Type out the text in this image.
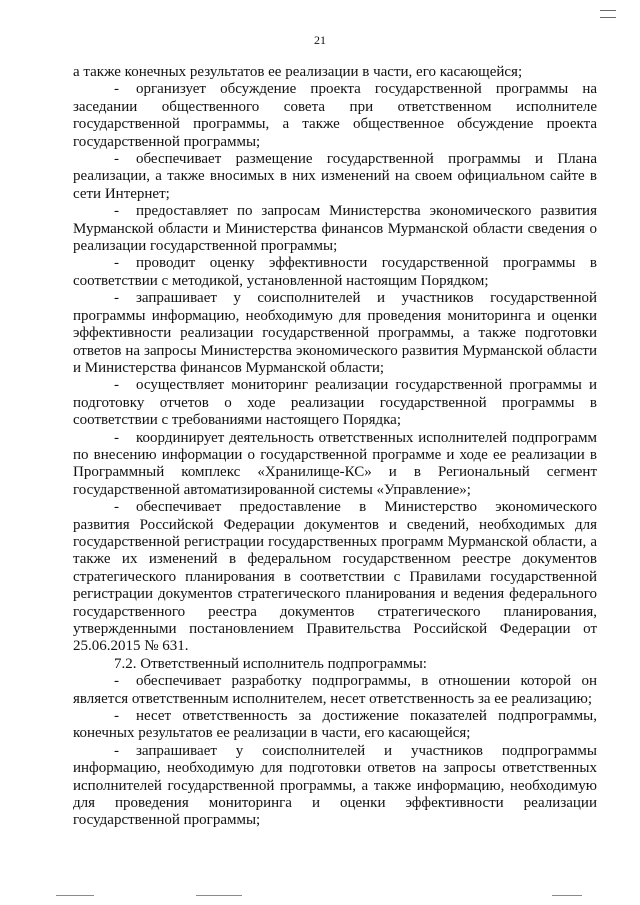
21

а также конечных результатов ее реализации в части, его касающейся;

- организует обсуждение проекта государственной программы на заседании общественного совета при ответственном исполнителе государственной программы, а также общественное обсуждение проекта государственной программы;

- обеспечивает размещение государственной программы и Плана реализации, а также вносимых в них изменений на своем официальном сайте в сети Интернет;

- предоставляет по запросам Министерства экономического развития Мурманской области и Министерства финансов Мурманской области сведения о реализации государственной программы;

- проводит оценку эффективности государственной программы в соответствии с методикой, установленной настоящим Порядком;

- запрашивает у соисполнителей и участников государственной программы информацию, необходимую для проведения мониторинга и оценки эффективности реализации государственной программы, а также подготовки ответов на запросы Министерства экономического развития Мурманской области и Министерства финансов Мурманской области;

- осуществляет мониторинг реализации государственной программы и подготовку отчетов о ходе реализации государственной программы в соответствии с требованиями настоящего Порядка;

- координирует деятельность ответственных исполнителей подпрограмм по внесению информации о государственной программе и ходе ее реализации в Программный комплекс «Хранилище-КС» и в Региональный сегмент государственной автоматизированной системы «Управление»;

- обеспечивает предоставление в Министерство экономического развития Российской Федерации документов и сведений, необходимых для государственной регистрации государственных программ Мурманской области, а также их изменений в федеральном государственном реестре документов стратегического планирования в соответствии с Правилами государственной регистрации документов стратегического планирования и ведения федерального государственного реестра документов стратегического планирования, утвержденными постановлением Правительства Российской Федерации от 25.06.2015 № 631.

7.2. Ответственный исполнитель подпрограммы:

- обеспечивает разработку подпрограммы, в отношении которой он является ответственным исполнителем, несет ответственность за ее реализацию;

- несет ответственность за достижение показателей подпрограммы, конечных результатов ее реализации в части, его касающейся;

- запрашивает у соисполнителей и участников подпрограммы информацию, необходимую для подготовки ответов на запросы ответственных исполнителей государственной программы, а также информацию, необходимую для проведения мониторинга и оценки эффективности реализации государственной программы;
